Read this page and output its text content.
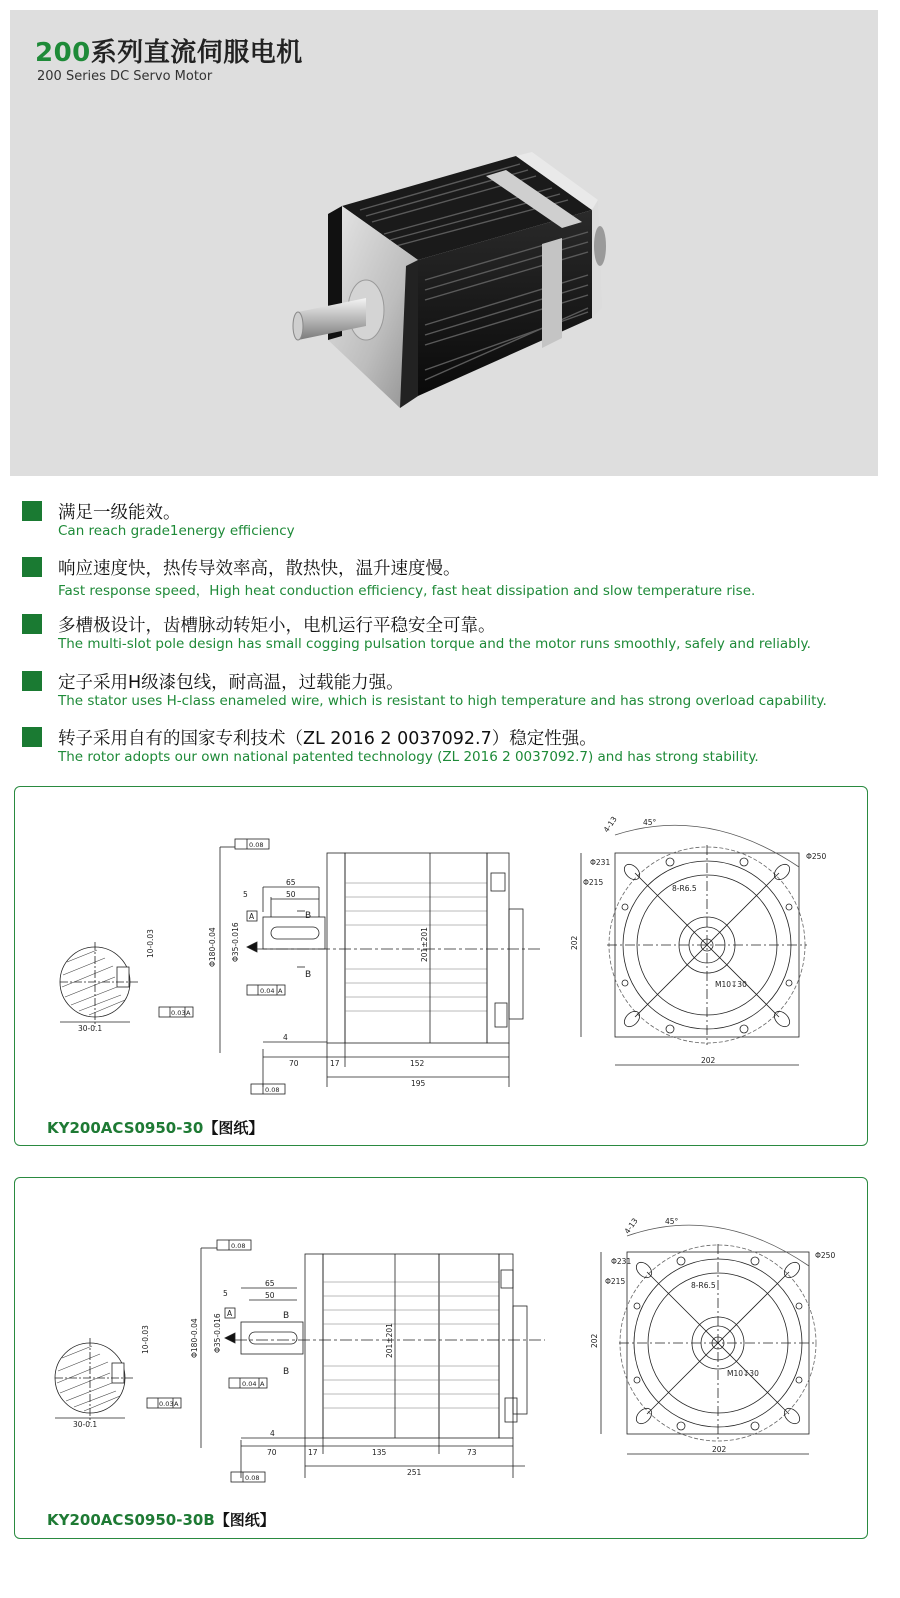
200系列直流伺服电机
200 Series DC Servo Motor
满足一级能效。
Can reach grade1energy efficiency
响应速度快，热传导效率高，散热快，温升速度慢。
Fast response speed，High heat conduction efficiency, fast heat dissipation and slow temperature rise.
多槽极设计，齿槽脉动转矩小，电机运行平稳安全可靠。
The multi-slot pole design has small cogging pulsation torque and the motor runs smoothly, safely and reliably.
定子采用H级漆包线，耐高温，过载能力强。
The stator uses H-class enameled wire, which is resistant to high temperature and has strong overload capability.
转子采用自有的国家专利技术（ZL 2016 2 0037092.7）稳定性强。
The rotor adopts our own national patented technology (ZL 2016 2 0037092.7) and has strong stability.
30-0.1
10-0.03
0.03 A
0.08
Φ180-0.04 Φ35-0.016
A
65
50
5
B
B
0.04 A
201±201
4
70	17	152
195
0.08
202
202
4-13	45°
Φ231
Φ215
Φ250
8-R6.5
M10↧30
KY200ACS0950-30【图纸】
30-0.1
10-0.03
0.03 A
0.08
Φ180-0.04 Φ35-0.016 A
65
50
5
B
B
0.04 A
201±201
4
70	17	135	73
251
0.08
202
202
4-13	45°
Φ231
Φ215
Φ250
8-R6.5
M10↧30
KY200ACS0950-30B【图纸】
